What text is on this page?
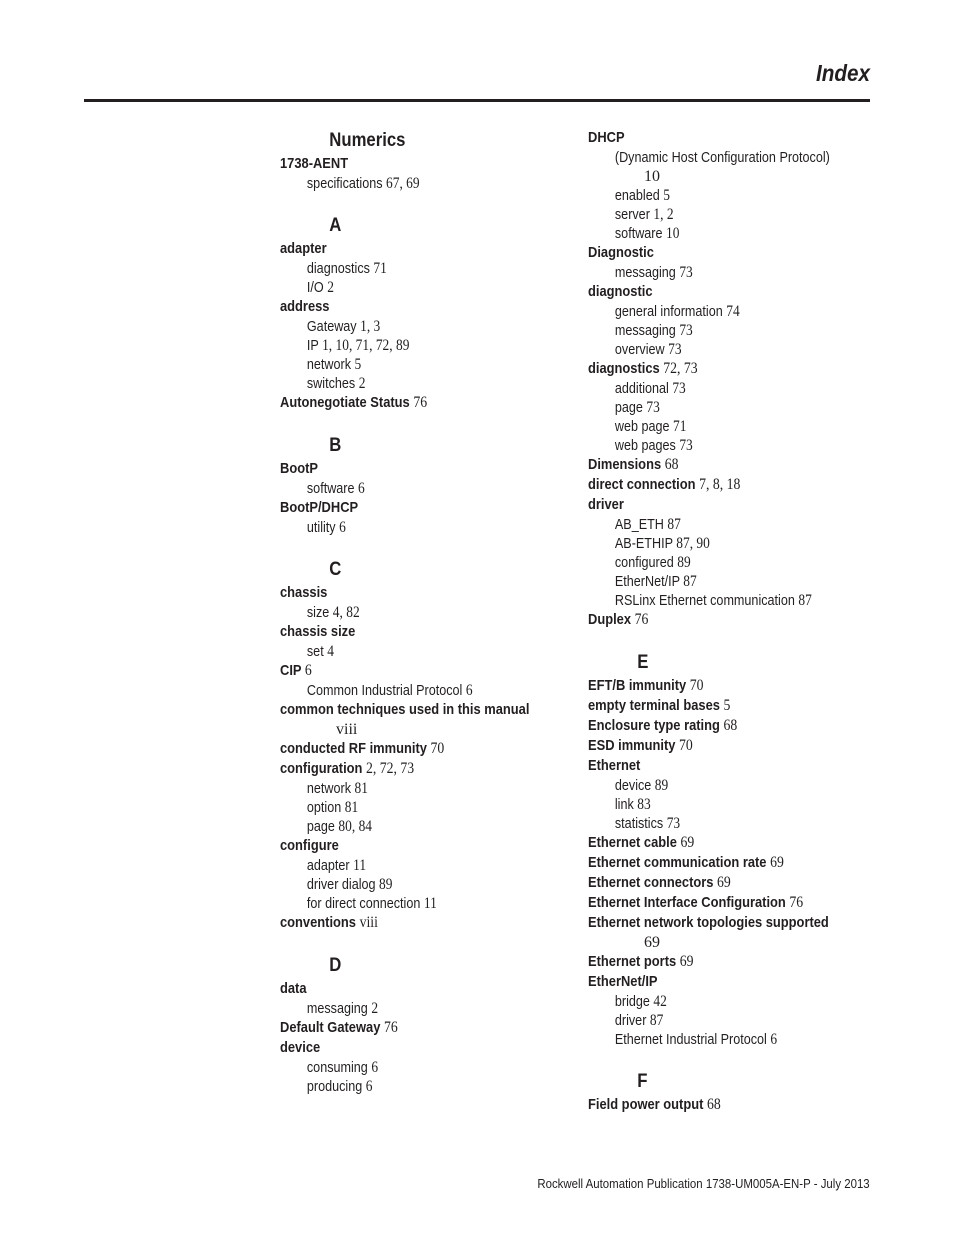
Index
Numerics
1738-AENT
specifications 67, 69
A
adapter
diagnostics 71
I/O 2
address
Gateway 1, 3
IP 1, 10, 71, 72, 89
network 5
switches 2
Autonegotiate Status 76
B
BootP
software 6
BootP/DHCP
utility 6
C
chassis
size 4, 82
chassis size
set 4
CIP 6
Common Industrial Protocol 6
common techniques used in this manual
viii
conducted RF immunity 70
configuration 2, 72, 73
network 81
option 81
page 80, 84
configure
adapter 11
driver dialog 89
for direct connection 11
conventions viii
D
data
messaging 2
Default Gateway 76
device
consuming 6
producing 6
DHCP
(Dynamic Host Configuration Protocol)
10
enabled 5
server 1, 2
software 10
Diagnostic
messaging 73
diagnostic
general information 74
messaging 73
overview 73
diagnostics 72, 73
additional 73
page 73
web page 71
web pages 73
Dimensions 68
direct connection 7, 8, 18
driver
AB_ETH 87
AB-ETHIP 87, 90
configured 89
EtherNet/IP 87
RSLinx Ethernet communication 87
Duplex 76
E
EFT/B immunity 70
empty terminal bases 5
Enclosure type rating 68
ESD immunity 70
Ethernet
device 89
link 83
statistics 73
Ethernet cable 69
Ethernet communication rate 69
Ethernet connectors 69
Ethernet Interface Configuration 76
Ethernet network topologies supported
69
Ethernet ports 69
EtherNet/IP
bridge 42
driver 87
Ethernet Industrial Protocol 6
F
Field power output 68
Rockwell Automation Publication 1738-UM005A-EN-P - July 2013
